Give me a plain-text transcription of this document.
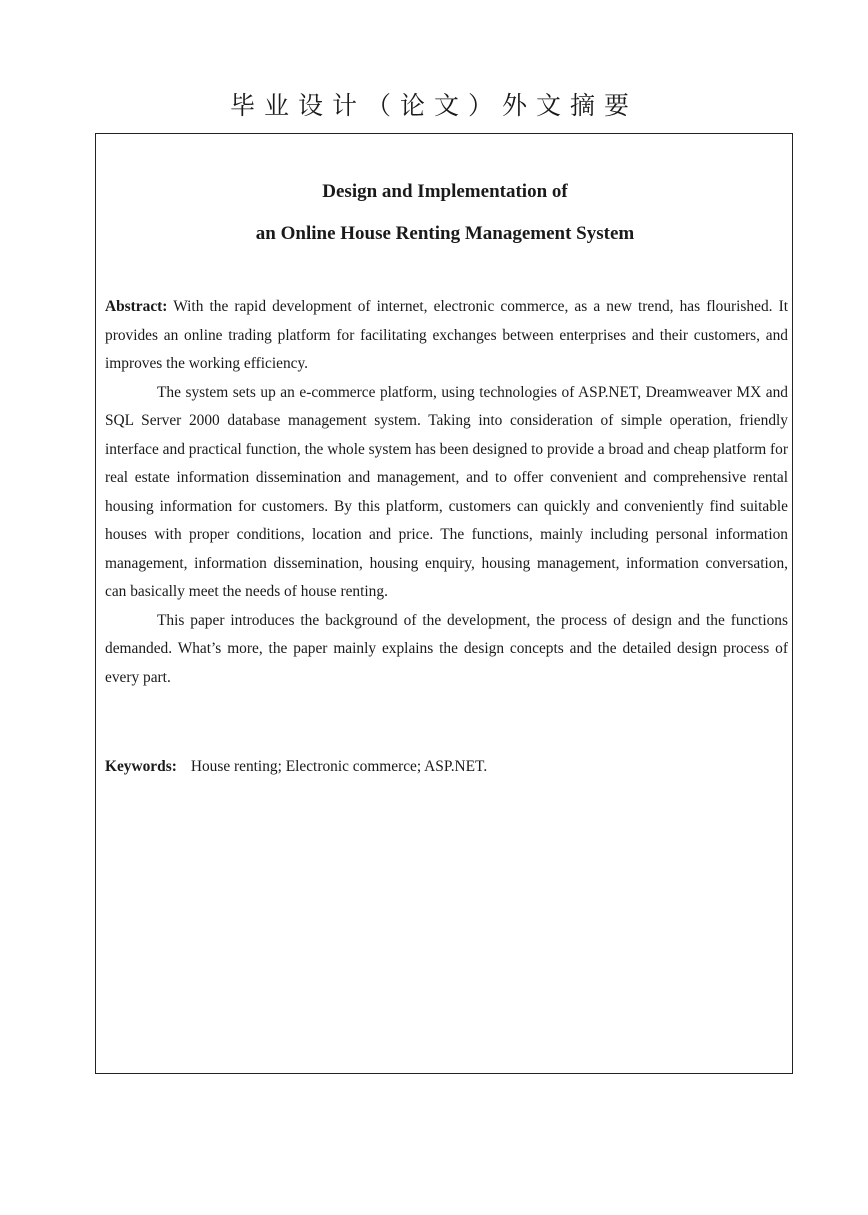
毕业设计（论文）外文摘要
Design and Implementation of
an Online House Renting Management System

Abstract: With the rapid development of internet, electronic commerce, as a new trend, has flourished. It provides an online trading platform for facilitating exchanges between enterprises and their customers, and improves the working efficiency.

The system sets up an e-commerce platform, using technologies of ASP.NET, Dreamweaver MX and SQL Server 2000 database management system. Taking into consideration of simple operation, friendly interface and practical function, the whole system has been designed to provide a broad and cheap platform for real estate information dissemination and management, and to offer convenient and comprehensive rental housing information for customers. By this platform, customers can quickly and conveniently find suitable houses with proper conditions, location and price. The functions, mainly including personal information management, information dissemination, housing enquiry, housing management, information conversation, can basically meet the needs of house renting.

This paper introduces the background of the development, the process of design and the functions demanded. What’s more, the paper mainly explains the design concepts and the detailed design process of every part.

Keywords: House renting; Electronic commerce; ASP.NET.
